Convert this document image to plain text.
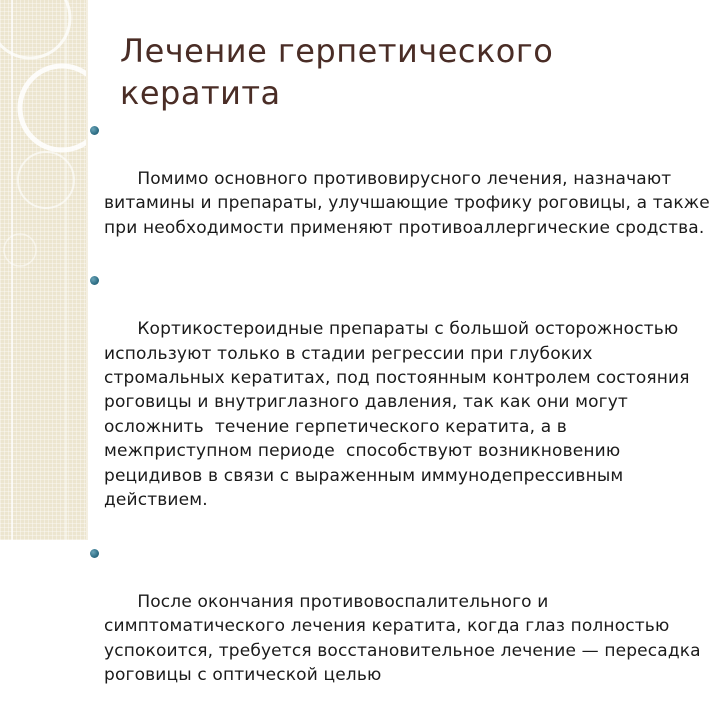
Лечение герпетического кератита

Помимо основного противовирусного лечения, назначают витамины и препараты, улучшающие трофику роговицы, а также при необходимости применяют противоаллергические сродства.

Кортикостероидные препараты с большой осторожностью используют только в стадии регрессии при глубоких стромальных кератитах, под постоянным контролем состояния роговицы и внутриглазного давления, так как они могут осложнить  течение герпетического кератита, а в межприступном периоде  способствуют возникновению рецидивов в связи с выраженным иммунодепрессивным действием.

После окончания противовоспалительного и симптоматического лечения кератита, когда глаз полностью успокоится, требуется восстановительное лечение — пересадка роговицы с оптической целью
